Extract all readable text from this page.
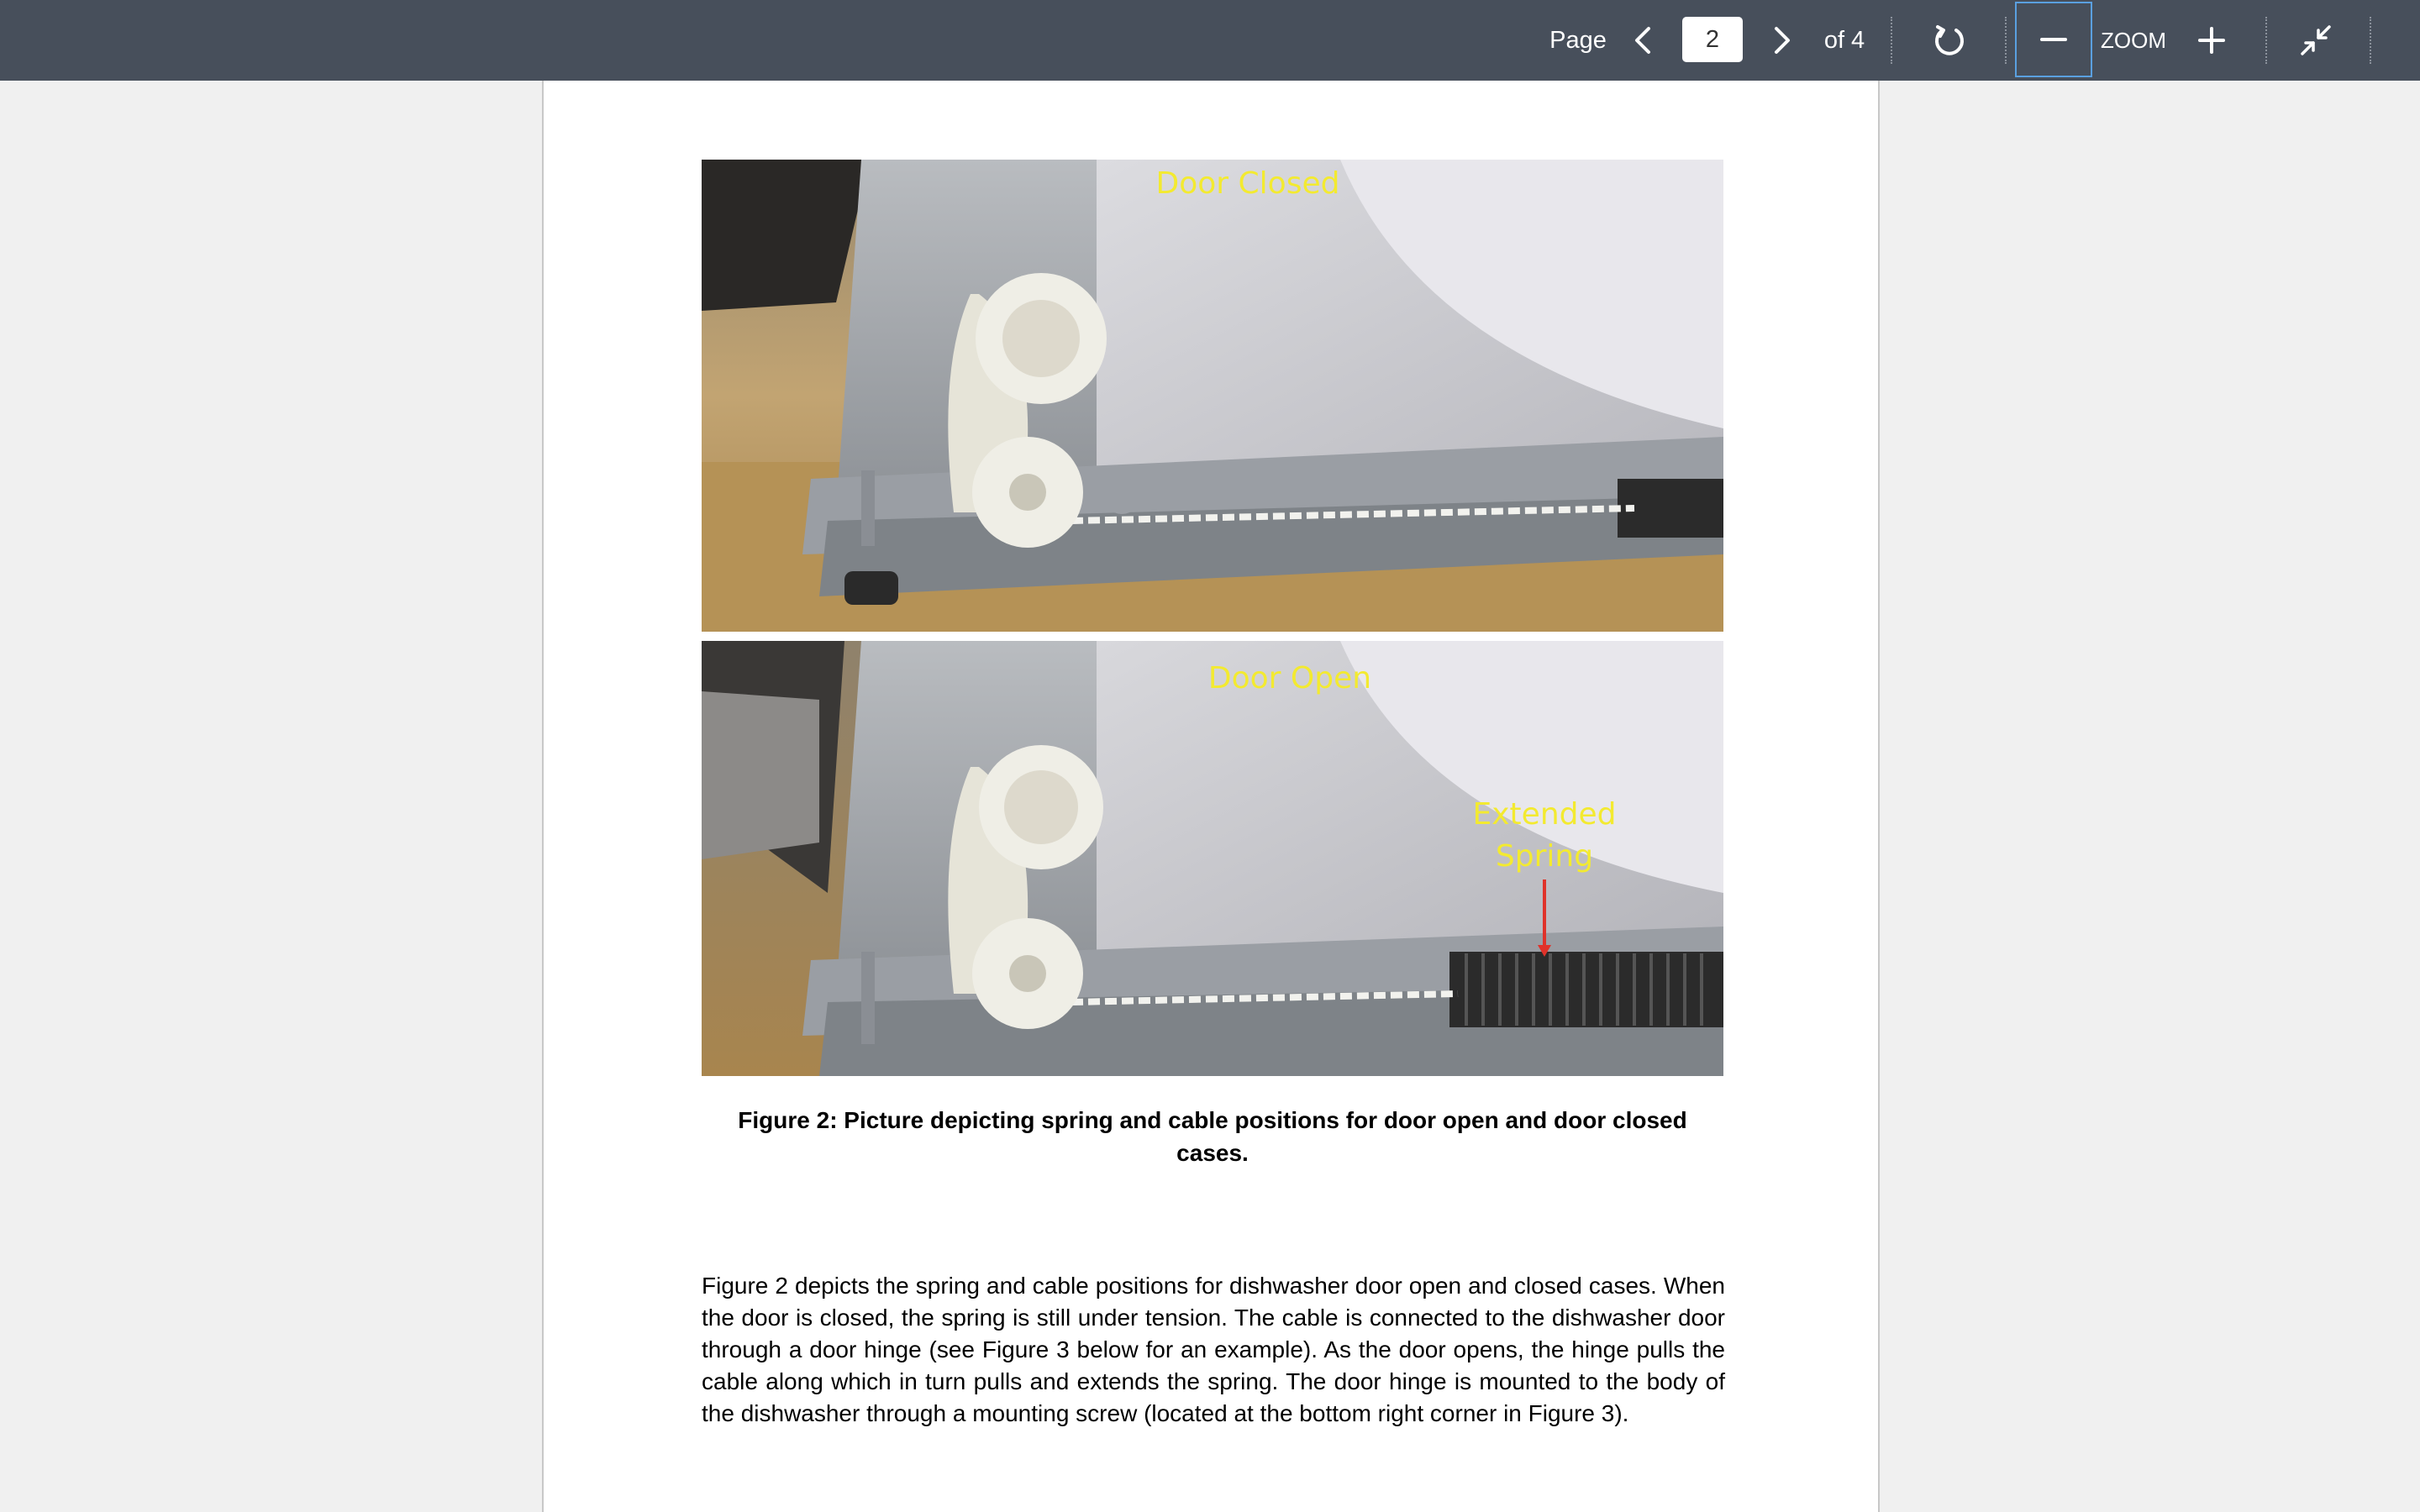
Page
2	of 4	ZOOM
Door Closed
Door Open
Extended
Spring
Figure 2: Picture depicting spring and cable positions for door open and door closed cases.

Figure 2 depicts the spring and cable positions for dishwasher door open and closed cases. When the door is closed, the spring is still under tension. The cable is connected to the dishwasher door through a door hinge (see Figure 3 below for an example). As the door opens, the hinge pulls the cable along which in turn pulls and extends the spring. The door hinge is mounted to the body of the dishwasher through a mounting screw (located at the bottom right corner in Figure 3).
